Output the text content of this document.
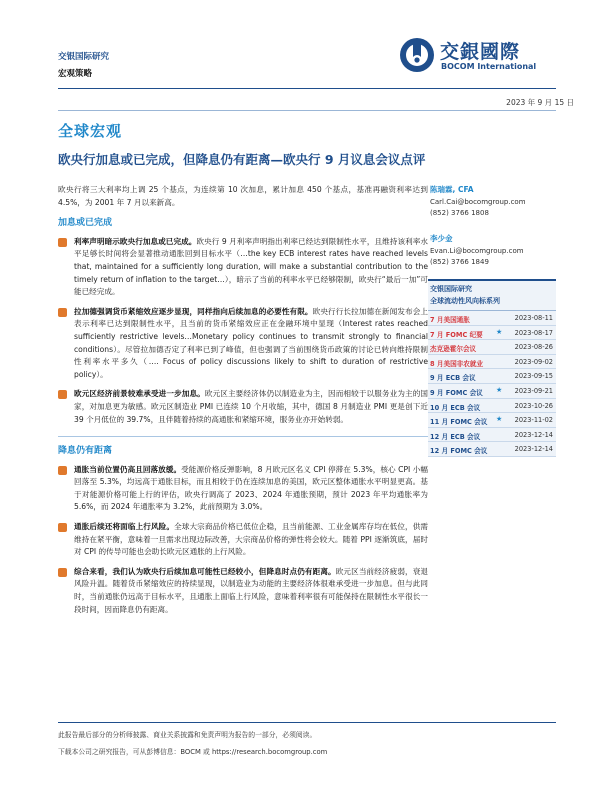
交银国际研究
宏观策略
交銀國際
BOCOM International
2023 年 9 月 15 日
全球宏观
欧央行加息或已完成，但降息仍有距离—欧央行 9 月议息会议点评

欧央行将三大利率均上调 25 个基点，为连续第 10 次加息，累计加息 450 个基点，基准再融资利率达到 4.5%，为 2001 年 7 月以来新高。

加息或已完成
利率声明暗示欧央行加息或已完成。欧央行 9 月利率声明指出利率已经达到限制性水平，且维持该利率水平足够长时间将会显著推动通胀回到目标水平（…the key ECB interest rates have reached levels that, maintained for a sufficiently long duration, will make a substantial contribution to the timely return of inflation to the target…），暗示了当前的利率水平已经够限制，欧央行“最后一加”可能已经完成。
拉加德强调货币紧缩效应逐步显现，同样指向后续加息的必要性有限。欧央行行长拉加德在新闻发布会上表示利率已达到限制性水平，且当前的货币紧缩效应正在金融环境中显现（Interest rates reached sufficiently restrictive levels…Monetary policy continues to transmit strongly to financial conditions）。尽管拉加德否定了利率已到了峰值，但也强调了当前围绕货币政策的讨论已转向维持限制性利率水平多久（…. Focus of policy discussions likely to shift to duration of restrictive policy）。
欧元区经济前景较难承受进一步加息。欧元区主要经济体仍以制造业为主，因而相较于以服务业为主的国家，对加息更为敏感。欧元区制造业 PMI 已连续 10 个月收缩，其中，德国 8 月制造业 PMI 更是创下近 39 个月低位的 39.7%，且伴随着持续的高通胀和紧缩环境，服务业亦开始转弱。
降息仍有距离
通胀当前位置仍高且回落放缓。受能源价格反弹影响，8 月欧元区名义 CPI 停滞在 5.3%，核心 CPI 小幅回落至 5.3%，均远高于通胀目标，而且相较于仍在连续加息的美国，欧元区整体通胀水平明显更高。基于对能源价格可能上行的评估，欧央行调高了 2023、2024 年通胀预期，预计 2023 年平均通胀率为 5.6%，而 2024 年通胀率为 3.2%，此前预期为 3.0%。
通胀后续还将面临上行风险。全球大宗商品价格已低位企稳，且当前能源、工业金属库存均在低位，供需维持在紧平衡，意味着一旦需求出现边际改善，大宗商品价格的弹性将会较大。随着 PPI 逐渐筑底，届时对 CPI 的传导可能也会助长欧元区通胀的上行风险。
综合来看，我们认为欧央行后续加息可能性已经较小，但降息时点仍有距离。欧元区当前经济疲弱，衰退风险升温。随着货币紧缩效应的持续显现，以制造业为动能的主要经济体很难承受进一步加息。但与此同时，当前通胀仍远高于目标水平，且通胀上面临上行风险，意味着利率很有可能保持在限制性水平很长一段时间，因而降息仍有距离。
陈瑞霖, CFA
Carl.Cai@bocomgroup.com
(852) 3766 1808
李少金
Evan.Li@bocomgroup.com
(852) 3766 1849
交银国际研究
全球流动性风向标系列
7 月美国通胀	2023-08-11
7 月 FOMC 纪要 ★ 2023-08-17
杰克逊霍尔会议	2023-08-26
8 月美国非农就业	2023-09-02
9 月 ECB 会议	2023-09-15
9 月 FOMC 会议 ★ 2023-09-21
10 月 ECB 会议	2023-10-26
11 月 FOMC 会议 ★ 2023-11-02
12 月 ECB 会议	2023-12-14
12 月 FOMC 会议	2023-12-14
此报告最后部分的分析师披露、商业关系披露和免责声明为报告的一部分，必须阅读。
下载本公司之研究报告，可从彭博信息：BOCM 或 https://research.bocomgroup.com
